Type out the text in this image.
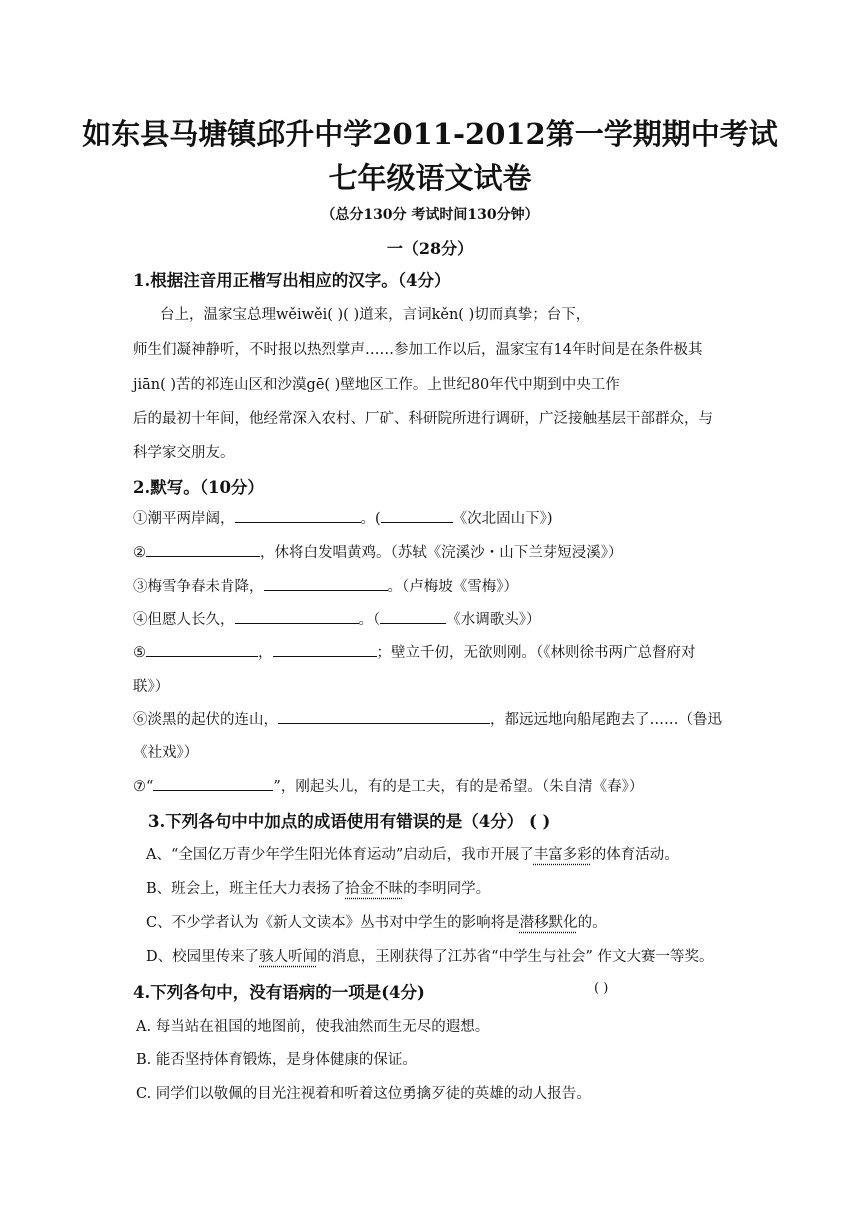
如东县马塘镇邱升中学2011-2012第一学期期中考试
七年级语文试卷
（总分130分 考试时间130分钟）
一（28分）
1.根据注音用正楷写出相应的汉字。（4分）
台上，温家宝总理wěiwěi( )( )道来，言词kěn( )切而真挚；台下，
师生们凝神静听，不时报以热烈掌声……参加工作以后，温家宝有14年时间是在条件极其
jiān( )苦的祁连山区和沙漠gē( )壁地区工作。上世纪80年代中期到中央工作
后的最初十年间，他经常深入农村、厂矿、科研院所进行调研，广泛接触基层干部群众，与
科学家交朋友。
2.默写。（10分）
①潮平两岸阔，	。(	《次北固山下》)
②	，休将白发唱黄鸡。（苏轼《浣溪沙・山下兰芽短浸溪》）
③梅雪争春未肯降，	。（卢梅坡《雪梅》）
④但愿人长久，	。（	《水调歌头》）
⑤	，	；壁立千仞，无欲则刚。（《林则徐书两广总督府对
联》）
⑥淡黑的起伏的连山，	，都远远地向船尾跑去了……（鲁迅
《社戏》）
⑦“	”，刚起头儿，有的是工夫，有的是希望。（朱自清《春》）
3.下列各句中中加点的成语使用有错误的是（4分） ( )
A、“全国亿万青少年学生阳光体育运动”启动后，我市开展了丰富多彩的体育活动。
B、班会上，班主任大力表扬了拾金不昧的李明同学。
C、不少学者认为《新人文读本》丛书对中学生的影响将是潜移默化的。
D、校园里传来了骇人听闻的消息，王刚获得了江苏省“中学生与社会” 作文大赛一等奖。
4.下列各句中，没有语病的一项是(4分)	( )
A. 每当站在祖国的地图前，使我油然而生无尽的遐想。
B. 能否坚持体育锻炼，是身体健康的保证。
C. 同学们以敬佩的目光注视着和听着这位勇擒歹徒的英雄的动人报告。
